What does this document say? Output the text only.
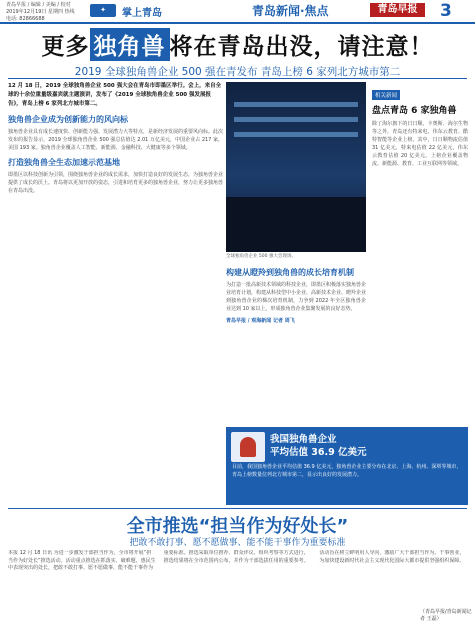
青岛早报 / 编辑 / 美编 / 校对 2019年12月19日 星期四 热线电话: 82866688
✦	掌上青岛	青岛新闻·焦点	青岛早报	3
更多 独角兽 将在青岛出没，请注意！
2019 全球独角兽企业 500 强在青发布 青岛上榜 6 家列北方城市第二

12 月 18 日，2019 全球独角兽企业 500 强大会在青岛市即墨区举行。会上，来自全球的十余位重量级嘉宾就主题演讲，发布了《2019 全球独角兽企业 500 强发展报告》，青岛上榜 6 家列北方城市第二。

独角兽企业成为创新能力的风向标
独角兽企业具有成长速度快、创新能力强、发展潜力大等特点，是新经济发展的重要风向标。此次发布的报告显示，2019 全球独角兽企业 500 强总估值达 2.01 万亿美元，中国企业占 217 家，美国 193 家。独角兽企业覆盖人工智能、新能源、金融科技、大健康等多个领域。
打造独角兽全生态加速示范基地
即墨区以科技创新为引领，围绕独角兽企业的成长需求，加快打造良好的发展生态，为独角兽企业提供了成长的沃土。青岛将以更加开放的姿态，引进和培育更多的独角兽企业，努力让更多独角兽在青岛出没。
全球独角兽企业 500 强大会现场。
构建从瞪羚到独角兽的成长培育机制
为打造一批高新技术领域的科技企业，即墨区积极落实独角兽企业培育计划，构建从科技型中小企业、高新技术企业、瞪羚企业到独角兽企业的梯次培育机制，力争到 2022 年全区独角兽企业达到 10 家以上，形成独角兽企业集聚发展的良好态势。
青岛早报 / 观海新闻 记者 周飞
相关新闻
盘点青岛 6 家独角兽
除了海尔旗下的日日顺、卡奥斯、海尔生物等之外，青岛还有特来电、伟东云教育、酷特智能等企业上榜。其中，日日顺物流估值 31 亿美元，特来电估值 22 亿美元，伟东云教育估值 20 亿美元。上榜企业覆盖物流、新能源、教育、工业互联网等领域。
我国独角兽企业
平均估值 36.9 亿美元
目前，我国独角兽企业平均估值 36.9 亿美元，独角兽企业主要分布在北京、上海、杭州、深圳等城市，青岛上榜数量位列北方城市第二，显示出良好的发展潜力。
全市推选“担当作为好处长”
把敢不敢打事、愿不愿做事、能不能干事作为重要标准
本报 12 月 18 日讯 为进一步激发干部担当作为，全市将开展“担当作为好处长”推选活动。活动重点推选在抓落实、破难题、惠民生中表现突出的处长，把敢不敢打事、愿不愿做事、能不能干事作为重要标准。推选采取单位推荐、群众评议、组织考察等方式进行，推选结果将在全市范围内公布，并作为干部选拔任用的重要参考。活动旨在树立鲜明用人导向，激励广大干部担当作为、干事创业，为加快建设新时代社会主义现代化国际大都市提供坚强组织保障。
（青岛早报/青岛新闻记者 王磊）
